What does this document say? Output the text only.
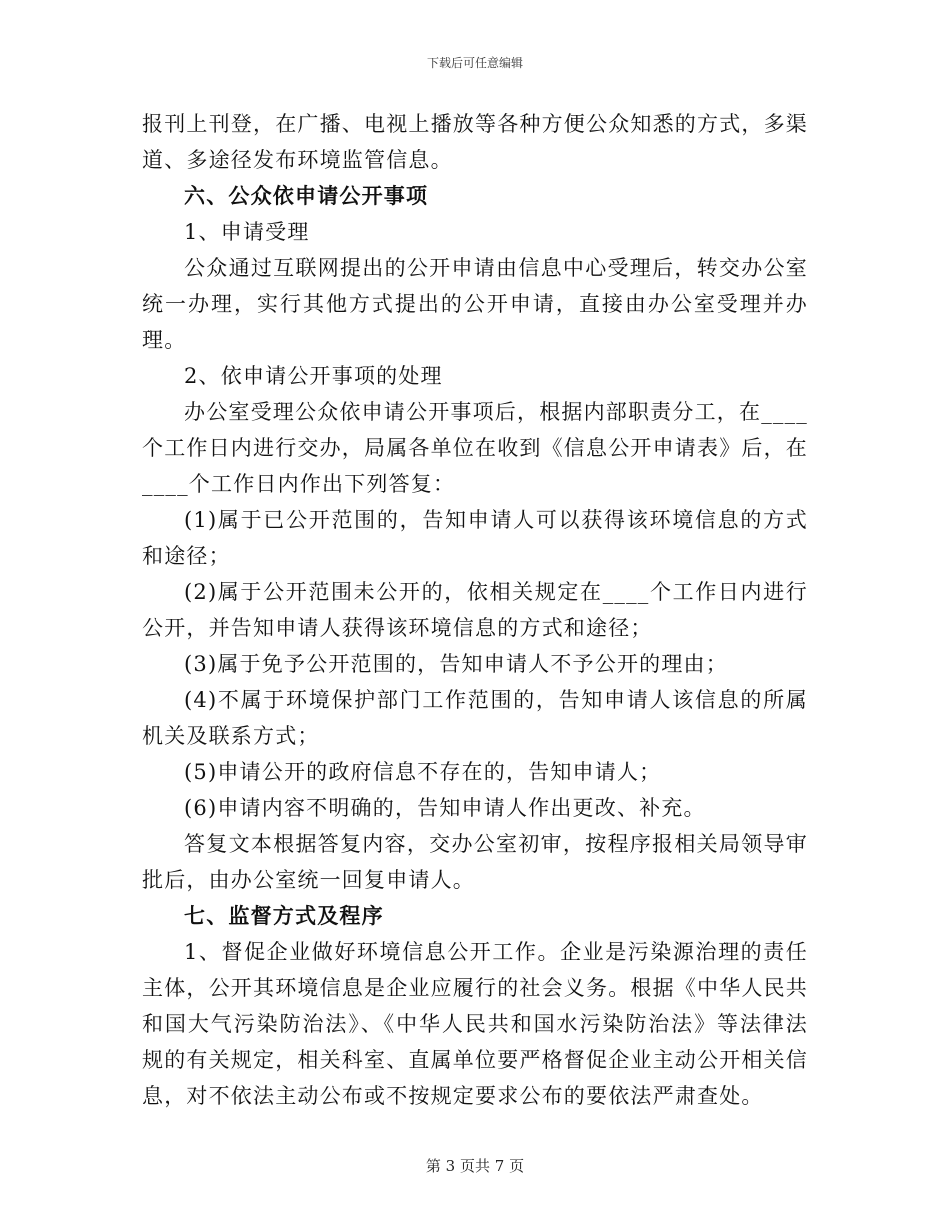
下载后可任意编辑

报刊上刊登，在广播、电视上播放等各种方便公众知悉的方式，多渠道、多途径发布环境监管信息。

六、公众依申请公开事项

1、申请受理

公众通过互联网提出的公开申请由信息中心受理后，转交办公室统一办理，实行其他方式提出的公开申请，直接由办公室受理并办理。

2、依申请公开事项的处理

办公室受理公众依申请公开事项后，根据内部职责分工，在____个工作日内进行交办，局属各单位在收到《信息公开申请表》后，在____个工作日内作出下列答复：

(1)属于已公开范围的，告知申请人可以获得该环境信息的方式和途径；

(2)属于公开范围未公开的，依相关规定在____个工作日内进行公开，并告知申请人获得该环境信息的方式和途径；

(3)属于免予公开范围的，告知申请人不予公开的理由；

(4)不属于环境保护部门工作范围的，告知申请人该信息的所属机关及联系方式；

(5)申请公开的政府信息不存在的，告知申请人；

(6)申请内容不明确的，告知申请人作出更改、补充。

答复文本根据答复内容，交办公室初审，按程序报相关局领导审批后，由办公室统一回复申请人。

七、监督方式及程序

1、督促企业做好环境信息公开工作。企业是污染源治理的责任主体，公开其环境信息是企业应履行的社会义务。根据《中华人民共和国大气污染防治法》、《中华人民共和国水污染防治法》等法律法规的有关规定，相关科室、直属单位要严格督促企业主动公开相关信息，对不依法主动公布或不按规定要求公布的要依法严肃查处。

第 3 页共 7 页
